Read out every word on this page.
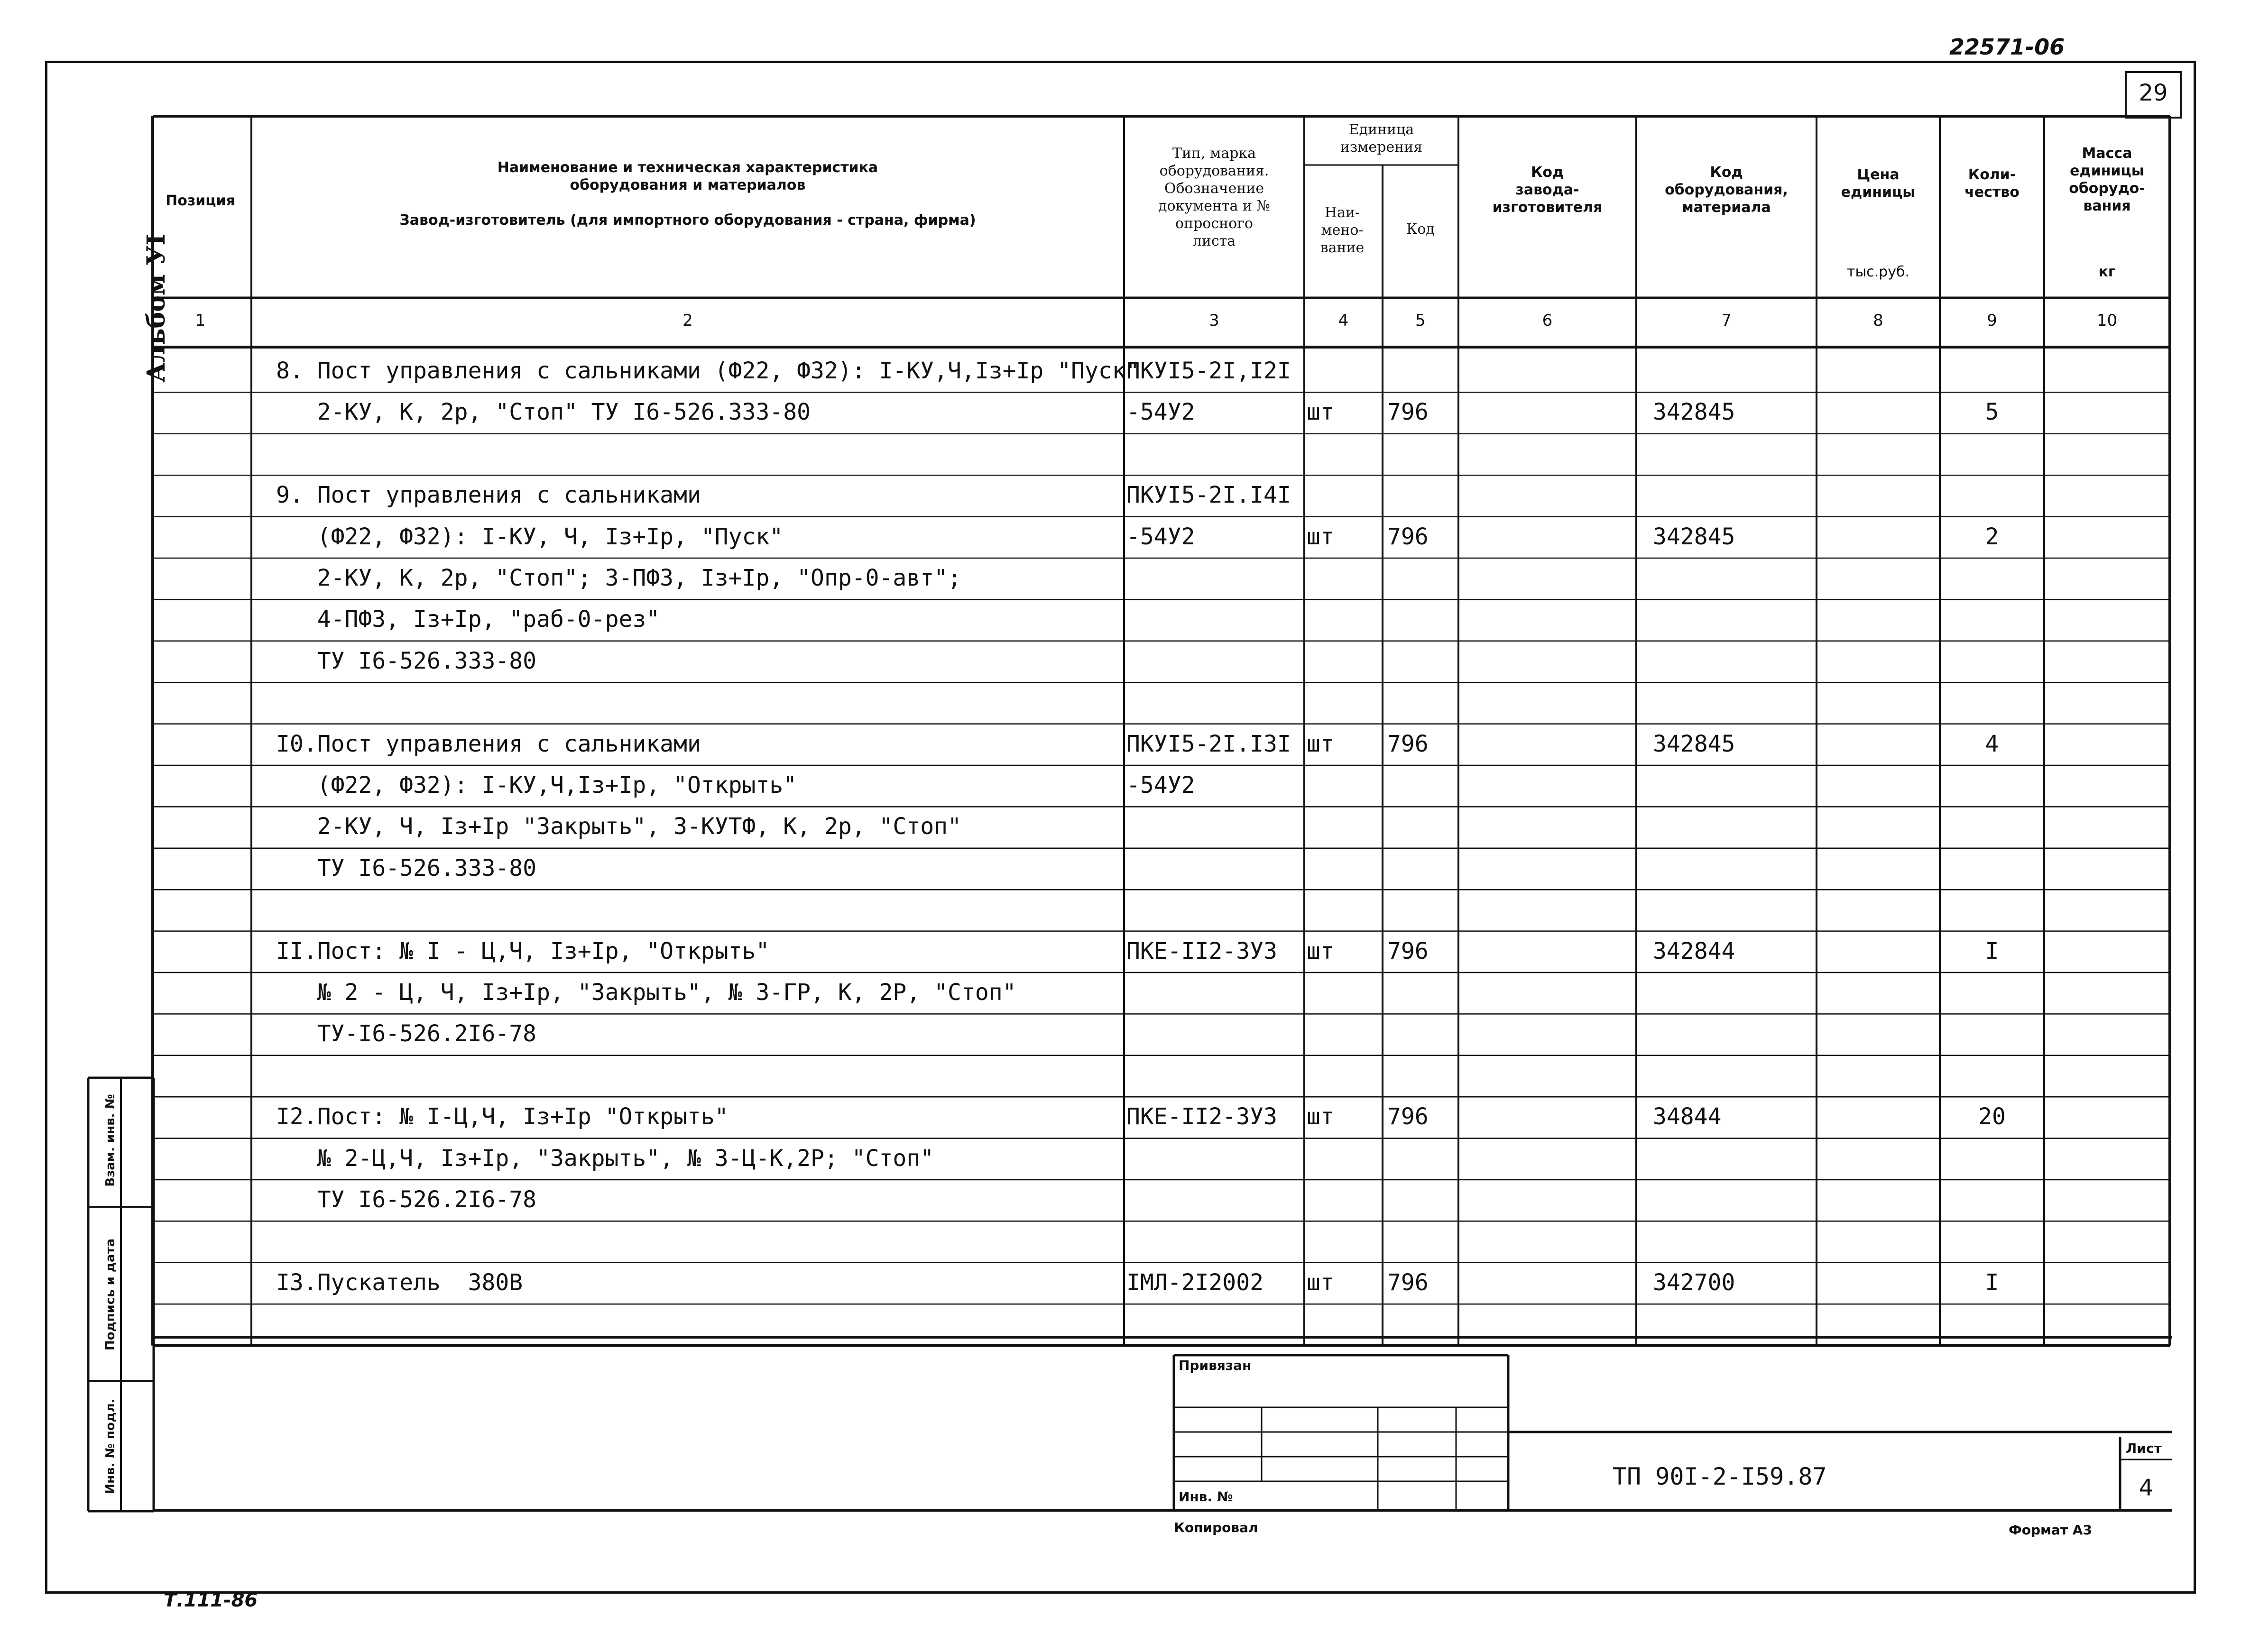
22571-06
29
Альбом УI
Взам. инв. №
Подпись и дата
Инв. № подл.
Позиция
Наименование и техническая характеристика
оборудования и материалов

Завод-изготовитель (для импортного оборудования - страна, фирма)
Тип, марка
оборудования.
Обозначение
документа и №
опросного
листа
Единица
измерения
Наи-
мено-
вание
Код
Код
завода-
изготовителя
Код
оборудования,
материала
Цена
единицы
тыс.руб.
Коли-
чество
Масса
единицы
оборудо-
вания
кг
1	2	3	4	5	6	7	8	9	10
8. Пост управления с сальниками (Ф22, Ф32): I-КУ,Ч,Iз+Iр "Пуск"
ПКУI5-2I,I2I
2-КУ, К, 2р, "Стоп" ТУ I6-526.333-80	-54У2	шт 796	342845	5
9. Пост управления с сальниками	ПКУI5-2I.I4I
(Ф22, Ф32): I-КУ, Ч, Iз+Iр, "Пуск"	-54У2	шт 796	342845	2
2-КУ, К, 2р, "Стоп"; 3-ПФЗ, Iз+Iр, "Опр-0-авт";
4-ПФЗ, Iз+Iр, "раб-0-рез"
ТУ I6-526.333-80
I0.Пост управления с сальниками	ПКУI5-2I.I3I шт 796	342845	4
(Ф22, Ф32): I-КУ,Ч,Iз+Iр, "Открыть"	-54У2
2-КУ, Ч, Iз+Iр "Закрыть", 3-КУТФ, К, 2р, "Стоп"
ТУ I6-526.333-80
II.Пост: № I - Ц,Ч, Iз+Iр, "Открыть"	ПКЕ-II2-3У3 шт 796	342844	I
№ 2 - Ц, Ч, Iз+Iр, "Закрыть", № 3-ГР, К, 2Р, "Стоп"
ТУ-I6-526.2I6-78
I2.Пост: № I-Ц,Ч, Iз+Iр "Открыть"	ПКЕ-II2-3У3 шт 796	34844	20
№ 2-Ц,Ч, Iз+Iр, "Закрыть", № 3-Ц-К,2Р; "Стоп"
ТУ I6-526.2I6-78
I3.Пускатель  380В	IМЛ-2I2002 шт 796	342700	I
Привязан
Инв. №
ТП 90I-2-I59.87
Лист
4
Копировал	Формат А3
Т.111-86
